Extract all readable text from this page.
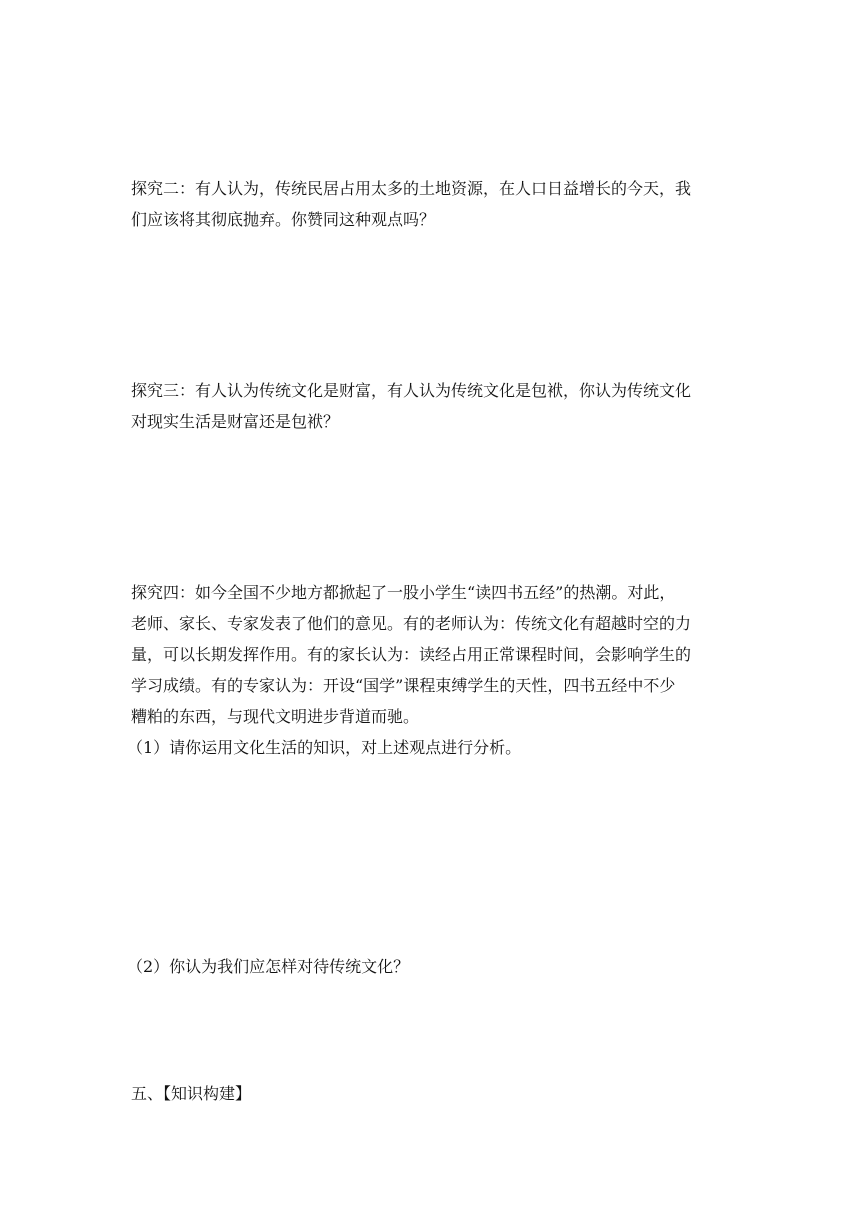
探究二：有人认为，传统民居占用太多的土地资源，在人口日益增长的今天，我
们应该将其彻底抛弃。你赞同这种观点吗？
探究三：有人认为传统文化是财富，有人认为传统文化是包袱，你认为传统文化
对现实生活是财富还是包袱？
探究四：如今全国不少地方都掀起了一股小学生“读四书五经”的热潮。对此，
老师、家长、专家发表了他们的意见。有的老师认为：传统文化有超越时空的力
量，可以长期发挥作用。有的家长认为：读经占用正常课程时间，会影响学生的
学习成绩。有的专家认为：开设“国学”课程束缚学生的天性，四书五经中不少
糟粕的东西，与现代文明进步背道而驰。

（1）请你运用文化生活的知识，对上述观点进行分析。

（2）你认为我们应怎样对待传统文化？

五、【知识构建】
